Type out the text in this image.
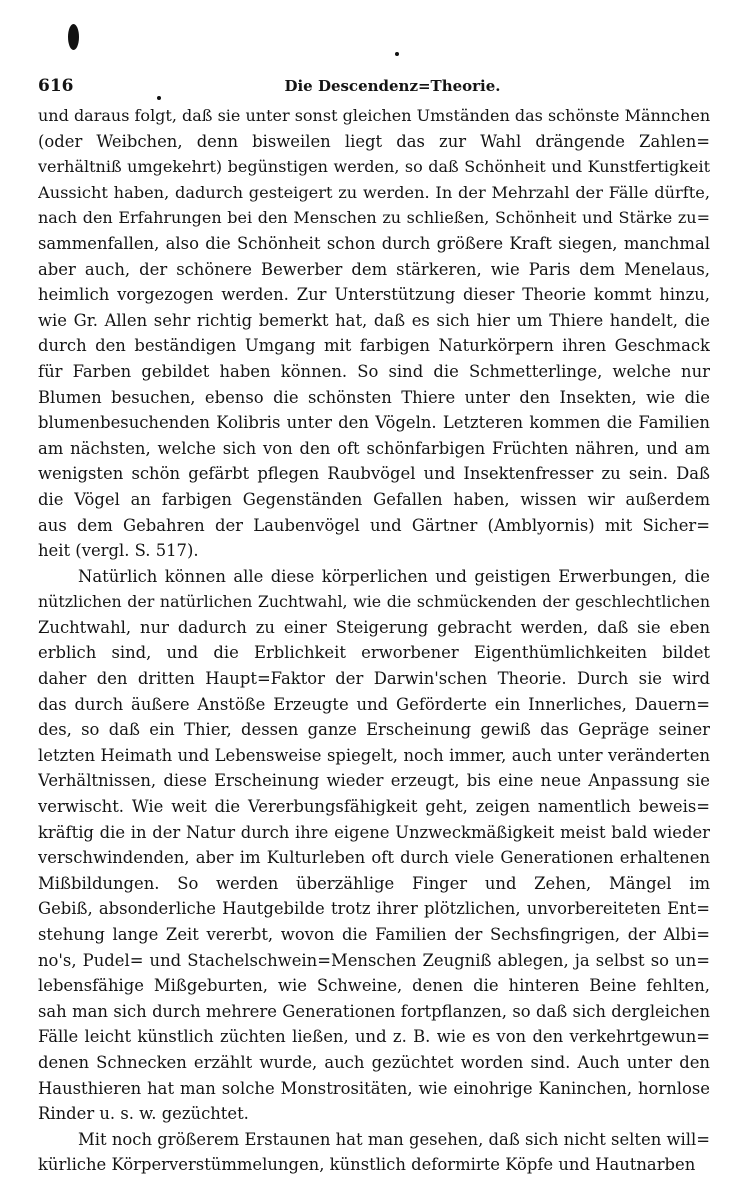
616	Die Descendenz=Theorie.
und daraus folgt, daß sie unter sonst gleichen Umständen das schönste Männchen
(oder Weibchen, denn bisweilen liegt das zur Wahl drängende Zahlen=
verhältniß umgekehrt) begünstigen werden, so daß Schönheit und Kunstfertigkeit
Aussicht haben, dadurch gesteigert zu werden. In der Mehrzahl der Fälle dürfte,
nach den Erfahrungen bei den Menschen zu schließen, Schönheit und Stärke zu=
sammenfallen, also die Schönheit schon durch größere Kraft siegen, manchmal
aber auch, der schönere Bewerber dem stärkeren, wie Paris dem Menelaus,
heimlich vorgezogen werden. Zur Unterstützung dieser Theorie kommt hinzu,
wie Gr. Allen sehr richtig bemerkt hat, daß es sich hier um Thiere handelt, die
durch den beständigen Umgang mit farbigen Naturkörpern ihren Geschmack
für Farben gebildet haben können. So sind die Schmetterlinge, welche nur
Blumen besuchen, ebenso die schönsten Thiere unter den Insekten, wie die
blumenbesuchenden Kolibris unter den Vögeln. Letzteren kommen die Familien
am nächsten, welche sich von den oft schönfarbigen Früchten nähren, und am
wenigsten schön gefärbt pflegen Raubvögel und Insektenfresser zu sein. Daß
die Vögel an farbigen Gegenständen Gefallen haben, wissen wir außerdem
aus dem Gebahren der Laubenvögel und Gärtner (Amblyornis) mit Sicher=
heit (vergl. S. 517).
Natürlich können alle diese körperlichen und geistigen Erwerbungen, die
nützlichen der natürlichen Zuchtwahl, wie die schmückenden der geschlechtlichen
Zuchtwahl, nur dadurch zu einer Steigerung gebracht werden, daß sie eben
erblich sind, und die Erblichkeit erworbener Eigenthümlichkeiten bildet
daher den dritten Haupt=Faktor der Darwin'schen Theorie. Durch sie wird
das durch äußere Anstöße Erzeugte und Geförderte ein Innerliches, Dauern=
des, so daß ein Thier, dessen ganze Erscheinung gewiß das Gepräge seiner
letzten Heimath und Lebensweise spiegelt, noch immer, auch unter veränderten
Verhältnissen, diese Erscheinung wieder erzeugt, bis eine neue Anpassung sie
verwischt. Wie weit die Vererbungsfähigkeit geht, zeigen namentlich beweis=
kräftig die in der Natur durch ihre eigene Unzweckmäßigkeit meist bald wieder
verschwindenden, aber im Kulturleben oft durch viele Generationen erhaltenen
Mißbildungen. So werden überzählige Finger und Zehen, Mängel im
Gebiß, absonderliche Hautgebilde trotz ihrer plötzlichen, unvorbereiteten Ent=
stehung lange Zeit vererbt, wovon die Familien der Sechsfingrigen, der Albi=
no's, Pudel= und Stachelschwein=Menschen Zeugniß ablegen, ja selbst so un=
lebensfähige Mißgeburten, wie Schweine, denen die hinteren Beine fehlten,
sah man sich durch mehrere Generationen fortpflanzen, so daß sich dergleichen
Fälle leicht künstlich züchten ließen, und z. B. wie es von den verkehrtgewun=
denen Schnecken erzählt wurde, auch gezüchtet worden sind. Auch unter den
Hausthieren hat man solche Monstrositäten, wie einohrige Kaninchen, hornlose
Rinder u. s. w. gezüchtet.
Mit noch größerem Erstaunen hat man gesehen, daß sich nicht selten will=
kürliche Körperverstümmelungen, künstlich deformirte Köpfe und Hautnarben
